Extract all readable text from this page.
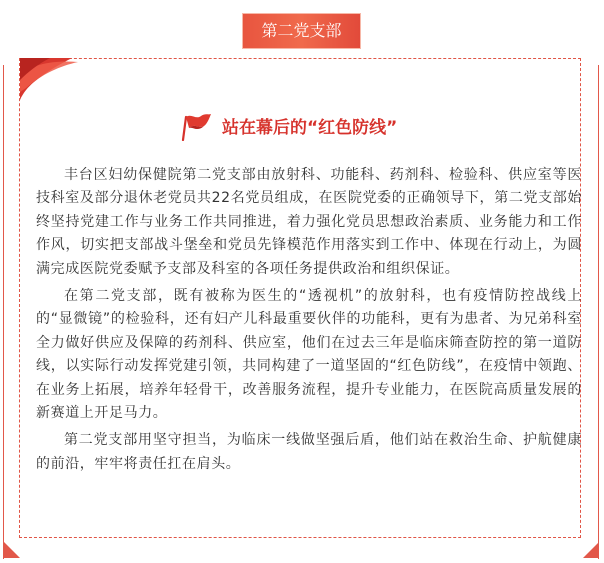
第二党支部
站在幕后的“红色防线”

丰台区妇幼保健院第二党支部由放射科、功能科、药剂科、检验科、供应室等医技科室及部分退休老党员共22名党员组成，在医院党委的正确领导下，第二党支部始终坚持党建工作与业务工作共同推进，着力强化党员思想政治素质、业务能力和工作作风，切实把支部战斗堡垒和党员先锋模范作用落实到工作中、体现在行动上，为圆满完成医院党委赋予支部及科室的各项任务提供政治和组织保证。

在第二党支部，既有被称为医生的“透视机”的放射科，也有疫情防控战线上的“显微镜”的检验科，还有妇产儿科最重要伙伴的功能科，更有为患者、为兄弟科室全力做好供应及保障的药剂科、供应室，他们在过去三年是临床筛查防控的第一道防线，以实际行动发挥党建引领，共同构建了一道坚固的“红色防线”，在疫情中领跑、在业务上拓展，培养年轻骨干，改善服务流程，提升专业能力，在医院高质量发展的新赛道上开足马力。

第二党支部用坚守担当，为临床一线做坚强后盾，他们站在救治生命、护航健康的前沿，牢牢将责任扛在肩头。
